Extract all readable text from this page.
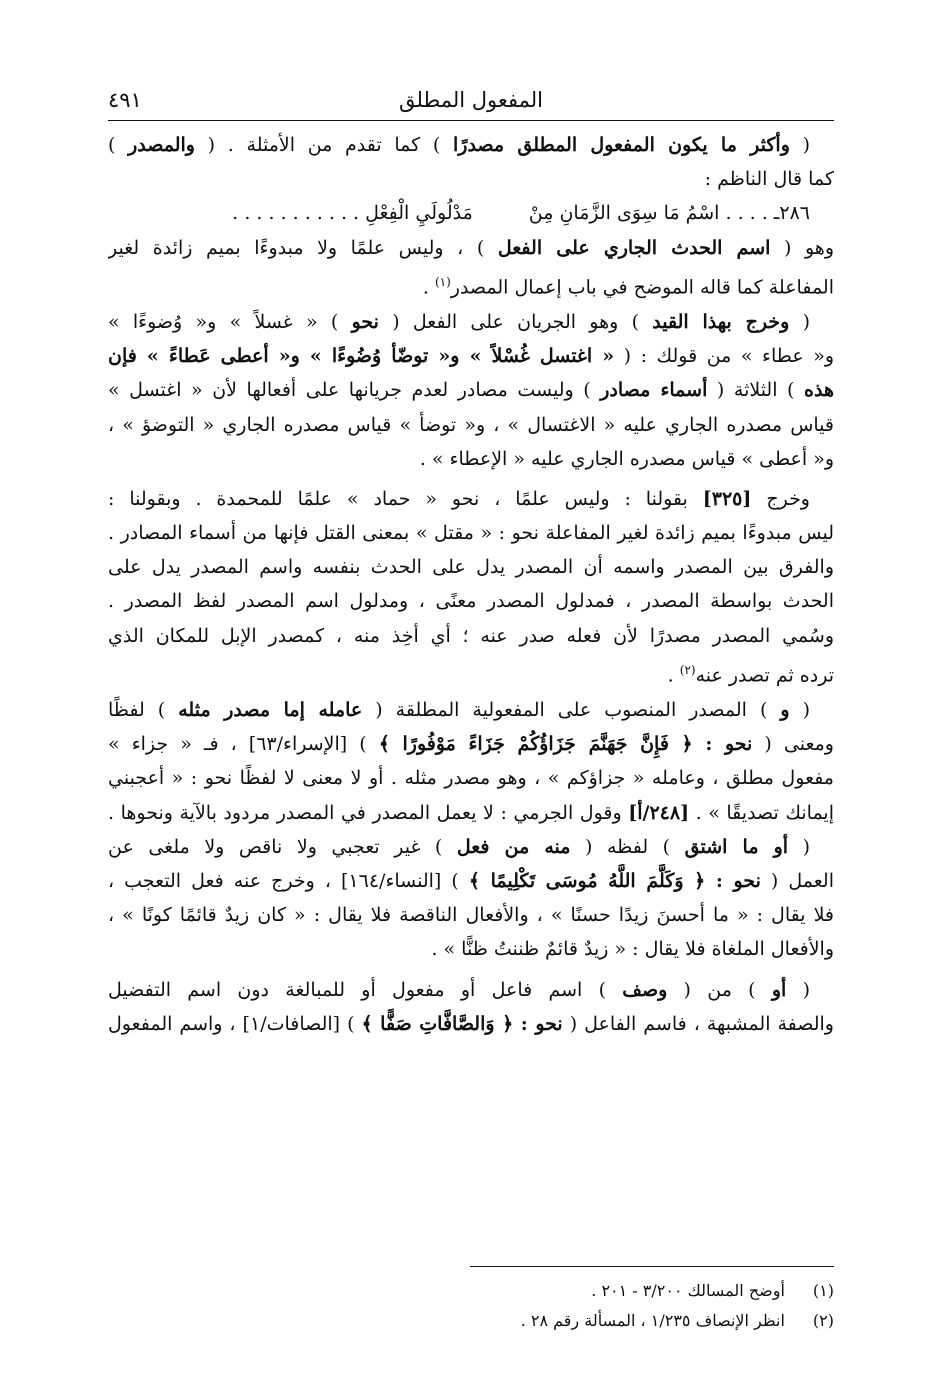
المفعول المطلق
٤٩١
( وأكثر ما يكون المفعول المطلق مصدرًا ) كما تقدم من الأمثلة . ( والمصدر )
كما قال الناظم :
٢٨٦ـ . . . . اسْمُ مَا سِوَى الزَّمَانِ مِنْمَدْلُولَيِ الْفِعْلِ . . . . . . . . . . .
وهو ( اسم الحدث الجاري على الفعل ) ، وليس علمًا ولا مبدوءًا بميم زائدة لغير
المفاعلة كما قاله الموضح في باب إعمال المصدر$^{(١)}$ .
( وخرج بهذا القيد ) وهو الجريان على الفعل ( نحو ) « غسلاً » و« وُضوءًا »
و« عطاء » من قولك : ( « اغتسل غُسْلاً » و« توضّأ وُضُوءًا » و« أعطى عَطاءً » فإن
هذه ) الثلاثة ( أسماء مصادر ) وليست مصادر لعدم جريانها على أفعالها لأن « اغتسل »
قياس مصدره الجاري عليه « الاغتسال » ، و« توضأ » قياس مصدره الجاري « التوضؤ » ،
و« أعطى » قياس مصدره الجاري عليه « الإعطاء » .
وخرج [٣٢٥] بقولنا : وليس علمًا ، نحو « حماد » علمًا للمحمدة . وبقولنا :
ليس مبدوءًا بميم زائدة لغير المفاعلة نحو : « مقتل » بمعنى القتل فإنها من أسماء المصادر .
والفرق بين المصدر واسمه أن المصدر يدل على الحدث بنفسه واسم المصدر يدل على
الحدث بواسطة المصدر ، فمدلول المصدر معنًى ، ومدلول اسم المصدر لفظ المصدر .
وسُمي المصدر مصدرًا لأن فعله صدر عنه ؛ أي أخِذ منه ، كمصدر الإبل للمكان الذي
ترده ثم تصدر عنه$^{(٢)}$ .
( و ) المصدر المنصوب على المفعولية المطلقة ( عامله إما مصدر مثله ) لفظًا
ومعنى ( نحو : ﴿ فَإِنَّ جَهَنَّمَ جَزَاؤُكُمْ جَزَاءً مَوْفُورًا ﴾ ) [الإسراء/٦٣] ، فـ « جزاء »
مفعول مطلق ، وعامله « جزاؤكم » ، وهو مصدر مثله . أو لا معنى لا لفظًا نحو : « أعجبني
إيمانك تصديقًا » . [٢٤٨/أ] وقول الجرمي : لا يعمل المصدر في المصدر مردود بالآية ونحوها .
( أو ما اشتق ) لفظه ( منه من فعل ) غير تعجبي ولا ناقص ولا ملغى عن
العمل ( نحو : ﴿ وَكَلَّمَ اللَّهُ مُوسَى تَكْلِيمًا ﴾ ) [النساء/١٦٤] ، وخرج عنه فعل التعجب ،
فلا يقال : « ما أحسنَ زيدًا حسنًا » ، والأفعال الناقصة فلا يقال : « كان زيدٌ قائمًا كونًا » ،
والأفعال الملغاة فلا يقال : « زيدٌ قائمٌ ظننتُ ظنًّا » .
( أو ) من ( وصف ) اسم فاعل أو مفعول أو للمبالغة دون اسم التفضيل
والصفة المشبهة ، فاسم الفاعل ( نحو : ﴿ وَالصَّافَّاتِ صَفًّا ﴾ ) [الصافات/١] ، واسم المفعول
(١) أوضح المسالك ٣/٢٠٠ - ٢٠١ .
(٢) انظر الإنصاف ١/٢٣٥ ، المسألة رقم ٢٨ .
